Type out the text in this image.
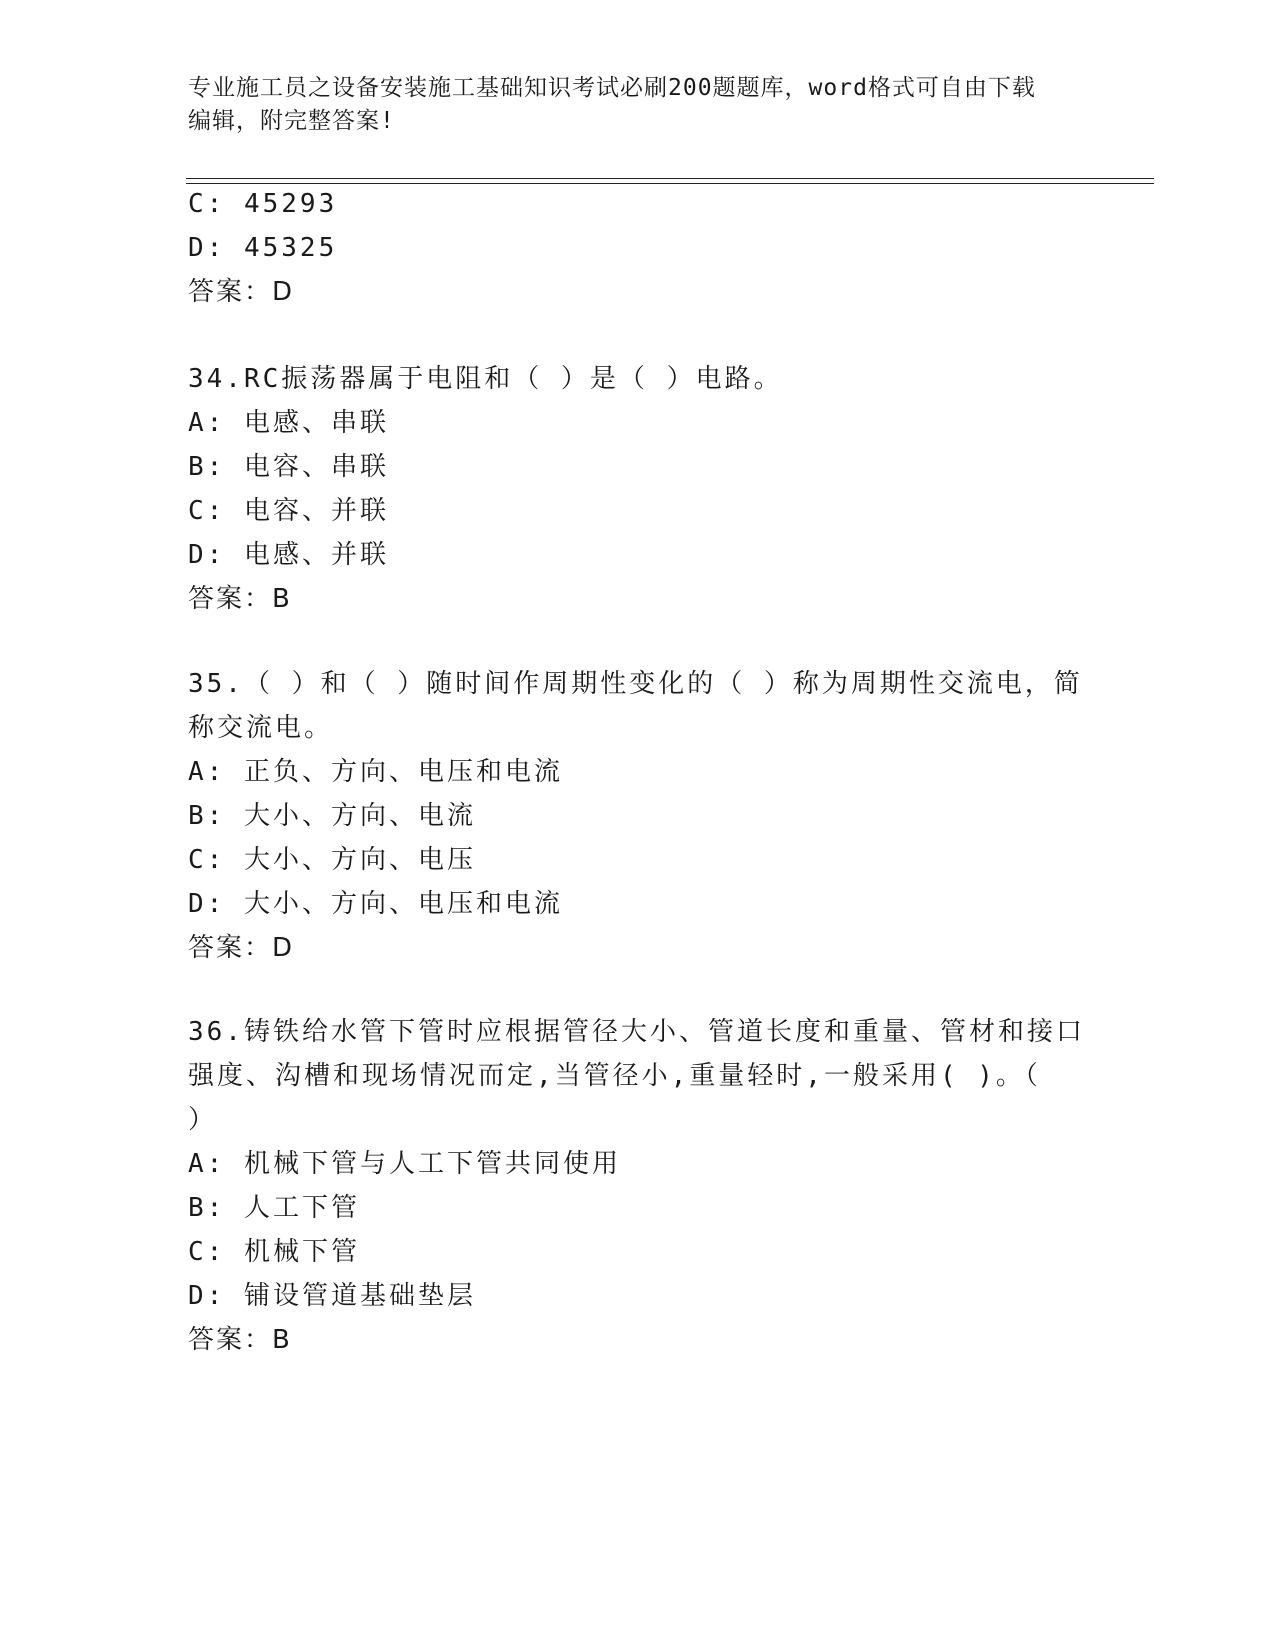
专业施工员之设备安装施工基础知识考试必刷200题题库，word格式可自由下载
编辑，附完整答案!
C: 45293
D: 45325
答案：D
34.RC振荡器属于电阻和（ ）是（ ）电路。
A: 电感、串联
B: 电容、串联
C: 电容、并联
D: 电感、并联
答案：B
35.（ ）和（ ）随时间作周期性变化的（ ）称为周期性交流电，简
称交流电。
A: 正负、方向、电压和电流
B: 大小、方向、电流
C: 大小、方向、电压
D: 大小、方向、电压和电流
答案：D
36.铸铁给水管下管时应根据管径大小、管道长度和重量、管材和接口
强度、沟槽和现场情况而定,当管径小,重量轻时,一般采用( )。（
）
A: 机械下管与人工下管共同使用
B: 人工下管
C: 机械下管
D: 铺设管道基础垫层
答案：B
